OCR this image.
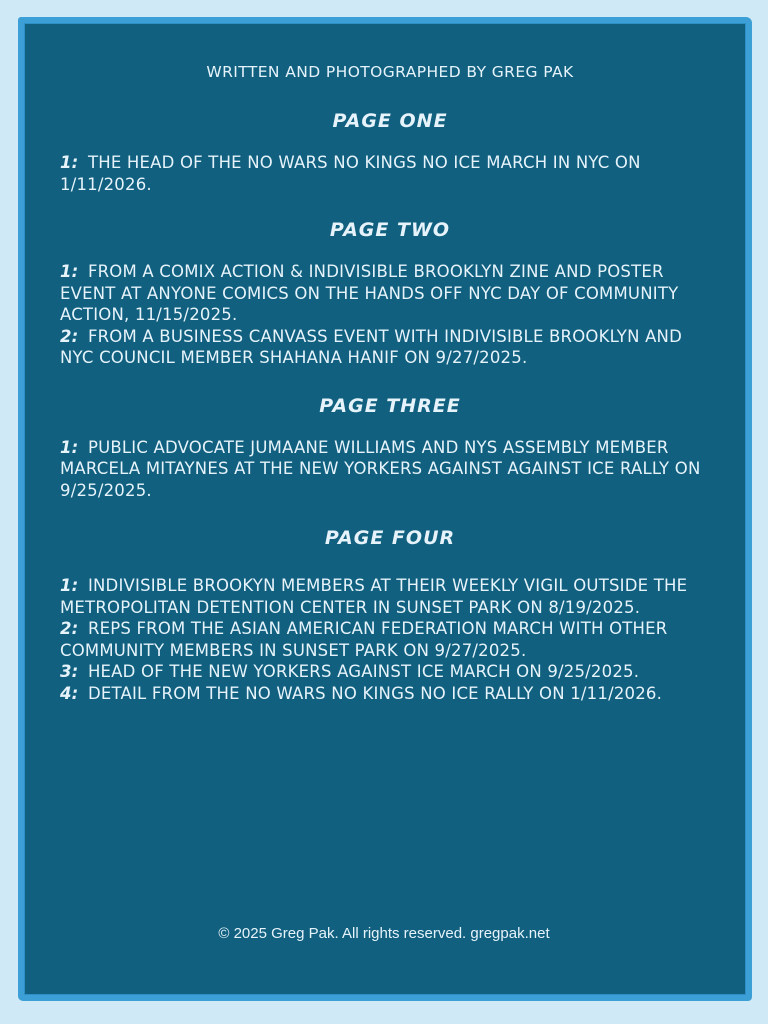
WRITTEN AND PHOTOGRAPHED BY GREG PAK

PAGE ONE

1: THE HEAD OF THE NO WARS NO KINGS NO ICE MARCH IN NYC ON 1/11/2026.

PAGE TWO

1: FROM A COMIX ACTION & INDIVISIBLE BROOKLYN ZINE AND POSTER EVENT AT ANYONE COMICS ON THE HANDS OFF NYC DAY OF COMMUNITY ACTION, 11/15/2025.

2: FROM A BUSINESS CANVASS EVENT WITH INDIVISIBLE BROOKLYN AND NYC COUNCIL MEMBER SHAHANA HANIF ON 9/27/2025.

PAGE THREE

1: PUBLIC ADVOCATE JUMAANE WILLIAMS AND NYS ASSEMBLY MEMBER MARCELA MITAYNES AT THE NEW YORKERS AGAINST AGAINST ICE RALLY ON 9/25/2025.

PAGE FOUR

1: INDIVISIBLE BROOKYN MEMBERS AT THEIR WEEKLY VIGIL OUTSIDE THE METROPOLITAN DETENTION CENTER IN SUNSET PARK ON 8/19/2025.

2: REPS FROM THE ASIAN AMERICAN FEDERATION MARCH WITH OTHER COMMUNITY MEMBERS IN SUNSET PARK ON 9/27/2025.

3: HEAD OF THE NEW YORKERS AGAINST ICE MARCH ON 9/25/2025.

4: DETAIL FROM THE NO WARS NO KINGS NO ICE RALLY ON 1/11/2026.

© 2025 Greg Pak. All rights reserved. gregpak.net
